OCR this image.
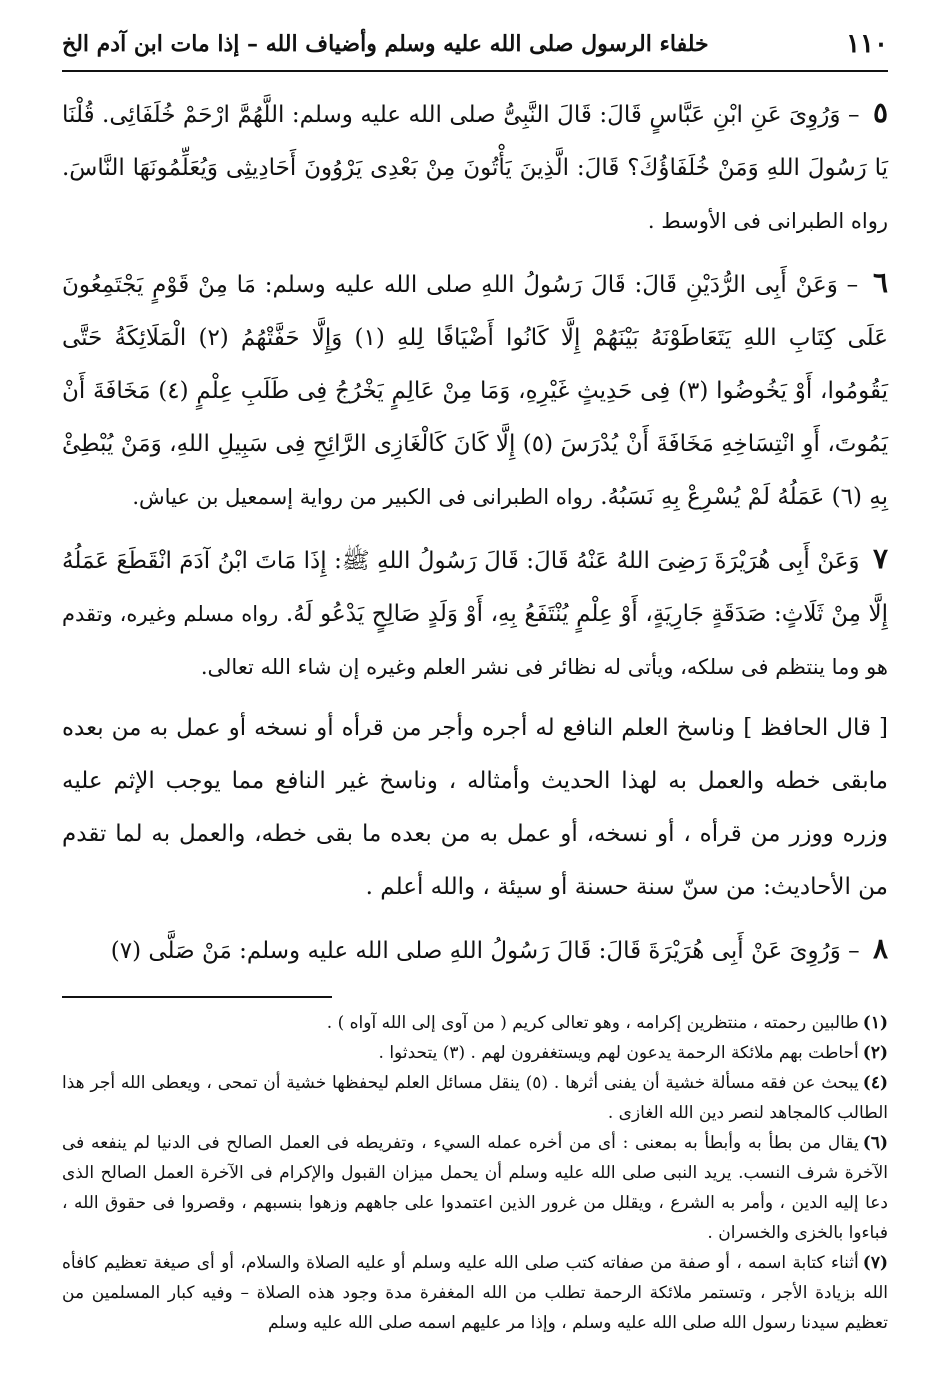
١١٠
خلفاء الرسول صلى الله عليه وسلم وأضياف الله – إذا مات ابن آدم الخ

٥ – وَرُوِىَ عَنِ ابْنِ عَبَّاسٍ قَالَ: قَالَ النَّبِىُّ صلى الله عليه وسلم: اللَّهُمَّ ارْحَمْ خُلَفَائِى. قُلْنَا يَا رَسُولَ اللهِ وَمَنْ خُلَفَاؤُكَ؟ قَالَ: الَّذِينَ يَأْتُونَ مِنْ بَعْدِى يَرْوُونَ أَحَادِيثِى وَيُعَلِّمُونَهَا النَّاسَ. رواه الطبرانى فى الأوسط .

٦ – وَعَنْ أَبِى الرُّدَيْنِ قَالَ: قَالَ رَسُولُ اللهِ صلى الله عليه وسلم: مَا مِنْ قَوْمٍ يَجْتَمِعُونَ عَلَى كِتَابِ اللهِ يَتَعَاطَوْنَهُ بَيْنَهُمْ إِلَّا كَانُوا أَضْيَافًا لِلهِ (١) وَإِلَّا حَفَّتْهُمُ (٢) الْمَلَائِكَةُ حَتَّى يَقُومُوا، أَوْ يَخُوضُوا (٣) فِى حَدِيثٍ غَيْرِهِ، وَمَا مِنْ عَالِمٍ يَخْرُجُ فِى طَلَبِ عِلْمٍ (٤) مَخَافَةَ أَنْ يَمُوتَ، أَوِ انْتِسَاخِهِ مَخَافَةَ أَنْ يُدْرَسَ (٥) إِلَّا كَانَ كَالْغَازِى الرَّائِحِ فِى سَبِيلِ اللهِ، وَمَنْ يُبْطِئْ بِهِ (٦) عَمَلُهُ لَمْ يُسْرِعْ بِهِ نَسَبُهُ. رواه الطبرانى فى الكبير من رواية إسمعيل بن عياش.

٧ وَعَنْ أَبِى هُرَيْرَةَ رَضِىَ اللهُ عَنْهُ قَالَ: قَالَ رَسُولُ اللهِ ﷺ: إِذَا مَاتَ ابْنُ آدَمَ انْقَطَعَ عَمَلُهُ إِلَّا مِنْ ثَلَاثٍ: صَدَقَةٍ جَارِيَةٍ، أَوْ عِلْمٍ يُنْتَفَعُ بِهِ، أَوْ وَلَدٍ صَالِحٍ يَدْعُو لَهُ. رواه مسلم وغيره، وتقدم هو وما ينتظم فى سلكه، ويأتى له نظائر فى نشر العلم وغيره إن شاء الله تعالى.

[ قال الحافظ ] وناسخ العلم النافع له أجره وأجر من قرأه أو نسخه أو عمل به من بعده مابقى خطه والعمل به لهذا الحديث وأمثاله ، وناسخ غير النافع مما يوجب الإثم عليه وزره ووزر من قرأه ، أو نسخه، أو عمل به من بعده ما بقى خطه، والعمل به لما تقدم من الأحاديث: من سنّ سنة حسنة أو سيئة ، والله أعلم .

٨ – وَرُوِىَ عَنْ أَبِى هُرَيْرَةَ قَالَ: قَالَ رَسُولُ اللهِ صلى الله عليه وسلم: مَنْ صَلَّى (٧)

(١)طالبين رحمته ، منتظرين إكرامه ، وهو تعالى كريم ( من آوى إلى الله آواه ) .

(٢)أحاطت بهم ملائكة الرحمة يدعون لهم ويستغفرون لهم . (٣) يتحدثوا .

(٤)يبحث عن فقه مسألة خشية أن يفنى أثرها . (٥) ينقل مسائل العلم ليحفظها خشية أن تمحى ، ويعطى الله أجر هذا الطالب كالمجاهد لنصر دين الله الغازى .

(٦)يقال من بطأ به وأبطأ به بمعنى : أى من أخره عمله السيء ، وتفريطه فى العمل الصالح فى الدنيا لم ينفعه فى الآخرة شرف النسب. يريد النبى صلى الله عليه وسلم أن يحمل ميزان القبول والإكرام فى الآخرة العمل الصالح الذى دعا إليه الدين ، وأمر به الشرع ، ويقلل من غرور الذين اعتمدوا على جاههم وزهوا بنسبهم ، وقصروا فى حقوق الله ، فباءوا بالخزى والخسران .

(٧)أثناء كتابة اسمه ، أو صفة من صفاته كتب صلى الله عليه وسلم أو عليه الصلاة والسلام، أو أى صيغة تعظيم كافأه الله بزيادة الأجر ، وتستمر ملائكة الرحمة تطلب من الله المغفرة مدة وجود هذه الصلاة – وفيه كبار المسلمين من تعظيم سيدنا رسول الله صلى الله عليه وسلم ، وإذا مر عليهم اسمه صلى الله عليه وسلم
